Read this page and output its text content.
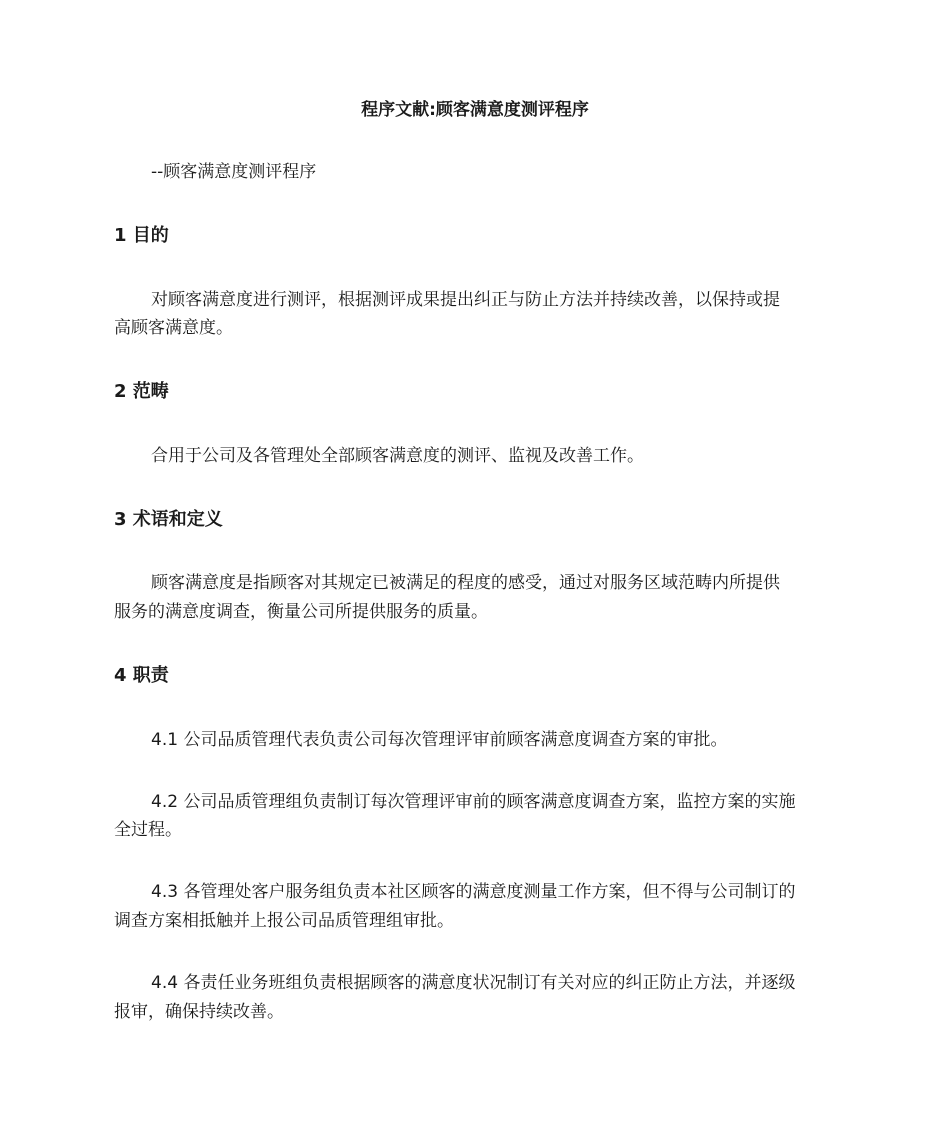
程序文献:顾客满意度测评程序
--顾客满意度测评程序
1 目的
对顾客满意度进行测评，根据测评成果提出纠正与防止方法并持续改善，以保持或提
高顾客满意度。
2 范畴
合用于公司及各管理处全部顾客满意度的测评、监视及改善工作。
3 术语和定义
顾客满意度是指顾客对其规定已被满足的程度的感受，通过对服务区域范畴内所提供
服务的满意度调查，衡量公司所提供服务的质量。
4 职责
4.1 公司品质管理代表负责公司每次管理评审前顾客满意度调查方案的审批。
4.2 公司品质管理组负责制订每次管理评审前的顾客满意度调查方案，监控方案的实施
全过程。
4.3 各管理处客户服务组负责本社区顾客的满意度测量工作方案，但不得与公司制订的
调查方案相抵触并上报公司品质管理组审批。
4.4 各责任业务班组负责根据顾客的满意度状况制订有关对应的纠正防止方法，并逐级
报审，确保持续改善。
